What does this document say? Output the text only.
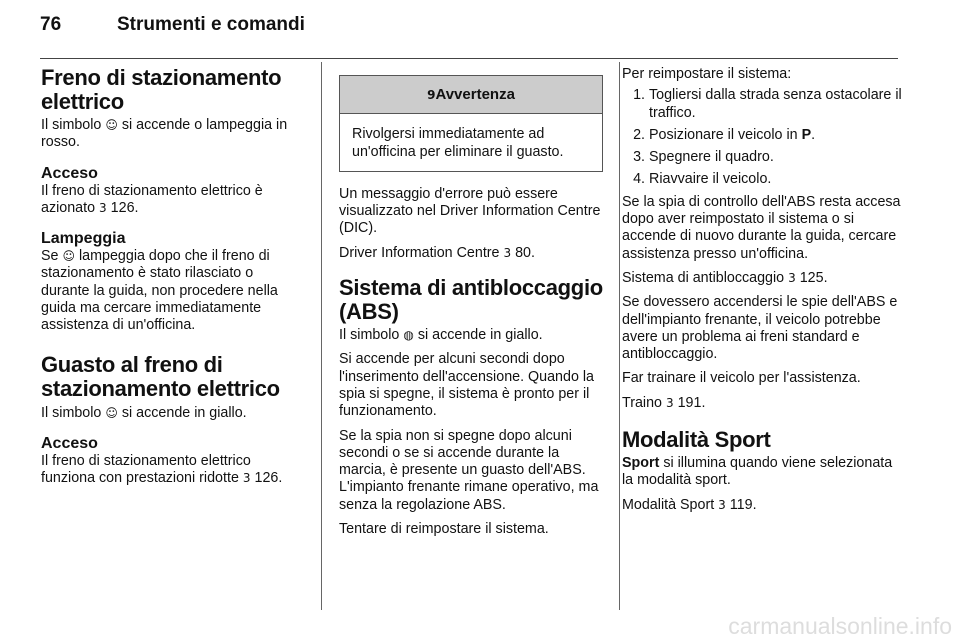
76	Strumenti e comandi
Freno di stazionamento elettrico

Il simbolo ☺ si accende o lampeggia in rosso.

Acceso

Il freno di stazionamento elettrico è azionato 3 126.

Lampeggia

Se ☺ lampeggia dopo che il freno di stazionamento è stato rilasciato o durante la guida, non procedere nella guida ma cercare immediatamente assistenza di un'officina.

Guasto al freno di stazionamento elettrico

Il simbolo ☺ si accende in giallo.

Acceso

Il freno di stazionamento elettrico funziona con prestazioni ridotte 3 126.

9Avvertenza
Rivolgersi immediatamente ad un'officina per eliminare il guasto.

Un messaggio d'errore può essere visualizzato nel Driver Information Centre (DIC).

Driver Information Centre 3 80.

Sistema di antibloccaggio (ABS)

Il simbolo ◍ si accende in giallo.

Si accende per alcuni secondi dopo l'inserimento dell'accensione. Quando la spia si spegne, il sistema è pronto per il funzionamento.

Se la spia non si spegne dopo alcuni secondi o se si accende durante la marcia, è presente un guasto dell'ABS. L'impianto frenante rimane operativo, ma senza la regolazione ABS.

Tentare di reimpostare il sistema.

Per reimpostare il sistema:

1. Togliersi dalla strada senza ostacolare il traffico.
2. Posizionare il veicolo in P.
3. Spegnere il quadro.
4. Riavvaire il veicolo.

Se la spia di controllo dell'ABS resta accesa dopo aver reimpostato il sistema o si accende di nuovo durante la guida, cercare assistenza presso un'officina.

Sistema di antibloccaggio 3 125.

Se dovessero accendersi le spie dell'ABS e dell'impianto frenante, il veicolo potrebbe avere un problema ai freni standard e antibloccaggio.

Far trainare il veicolo per l'assistenza.

Traino 3 191.

Modalità Sport

Sport si illumina quando viene selezionata la modalità sport.

Modalità Sport 3 119.

carmanualsonline.info
